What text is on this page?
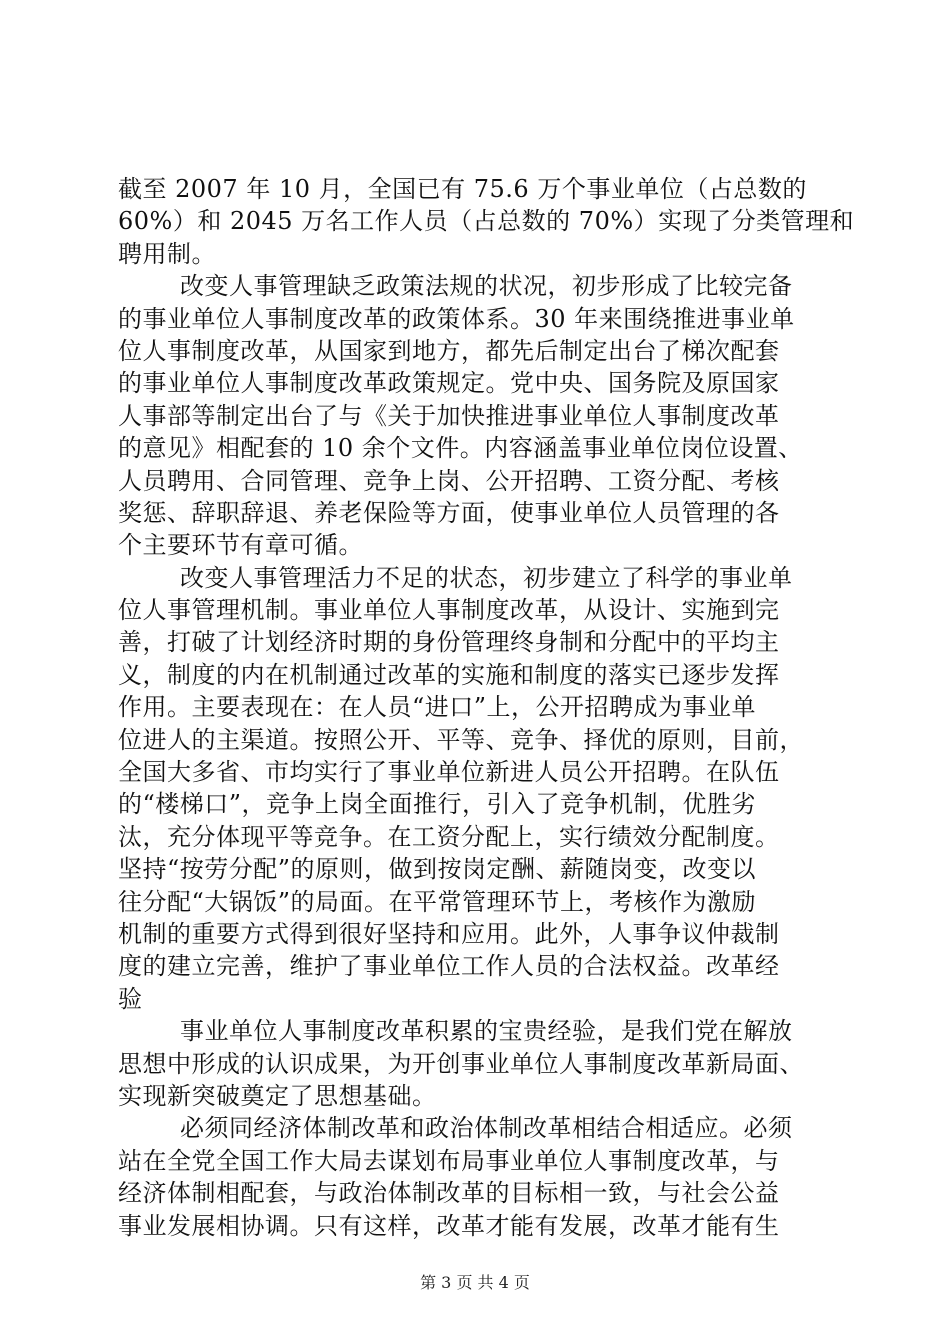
截至 2007 年 10 月，全国已有 75.6 万个事业单位（占总数的
60%）和 2045 万名工作人员（占总数的 70%）实现了分类管理和
聘用制。
改变人事管理缺乏政策法规的状况，初步形成了比较完备
的事业单位人事制度改革的政策体系。30 年来围绕推进事业单
位人事制度改革，从国家到地方，都先后制定出台了梯次配套
的事业单位人事制度改革政策规定。党中央、国务院及原国家
人事部等制定出台了与《关于加快推进事业单位人事制度改革
的意见》相配套的 10 余个文件。内容涵盖事业单位岗位设置、
人员聘用、合同管理、竞争上岗、公开招聘、工资分配、考核
奖惩、辞职辞退、养老保险等方面，使事业单位人员管理的各
个主要环节有章可循。
改变人事管理活力不足的状态，初步建立了科学的事业单
位人事管理机制。事业单位人事制度改革，从设计、实施到完
善，打破了计划经济时期的身份管理终身制和分配中的平均主
义，制度的内在机制通过改革的实施和制度的落实已逐步发挥
作用。主要表现在：在人员“进口”上，公开招聘成为事业单
位进人的主渠道。按照公开、平等、竞争、择优的原则，目前，
全国大多省、市均实行了事业单位新进人员公开招聘。在队伍
的“楼梯口”，竞争上岗全面推行，引入了竞争机制，优胜劣
汰，充分体现平等竞争。在工资分配上，实行绩效分配制度。
坚持“按劳分配”的原则，做到按岗定酬、薪随岗变，改变以
往分配“大锅饭”的局面。在平常管理环节上，考核作为激励
机制的重要方式得到很好坚持和应用。此外，人事争议仲裁制
度的建立完善，维护了事业单位工作人员的合法权益。改革经
验
事业单位人事制度改革积累的宝贵经验，是我们党在解放
思想中形成的认识成果，为开创事业单位人事制度改革新局面、
实现新突破奠定了思想基础。
必须同经济体制改革和政治体制改革相结合相适应。必须
站在全党全国工作大局去谋划布局事业单位人事制度改革，与
经济体制相配套，与政治体制改革的目标相一致，与社会公益
事业发展相协调。只有这样，改革才能有发展，改革才能有生
第 3 页 共 4 页
